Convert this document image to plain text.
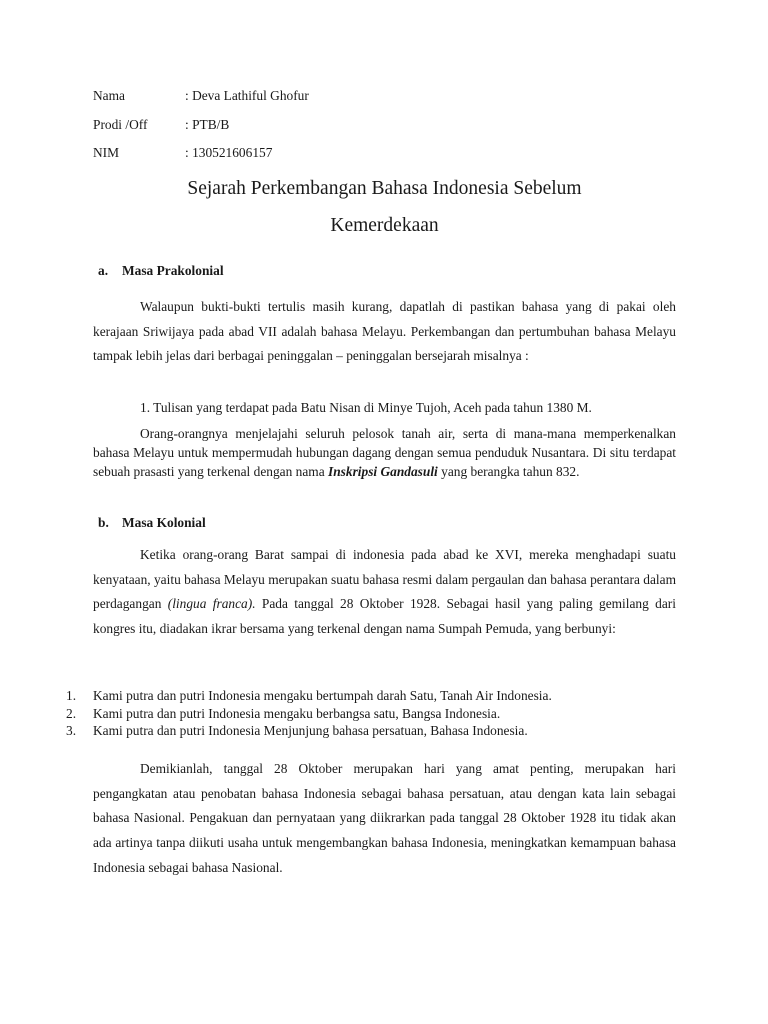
Nama	: Deva Lathiful Ghofur
Prodi /Off	: PTB/B
NIM	: 130521606157
Sejarah Perkembangan Bahasa Indonesia Sebelum
Kemerdekaan
a. Masa Prakolonial

Walaupun bukti-bukti tertulis masih kurang, dapatlah di pastikan bahasa yang di pakai oleh kerajaan Sriwijaya pada abad VII adalah bahasa Melayu. Perkembangan dan pertumbuhan bahasa Melayu tampak lebih jelas dari berbagai peninggalan – peninggalan bersejarah misalnya :

1. Tulisan yang terdapat pada Batu Nisan di Minye Tujoh, Aceh pada tahun 1380 M.

Orang-orangnya menjelajahi seluruh pelosok tanah air, serta di mana-mana memperkenalkan bahasa Melayu untuk mempermudah hubungan dagang dengan semua penduduk Nusantara. Di situ terdapat sebuah prasasti yang terkenal dengan nama Inskripsi Gandasuli yang berangka tahun 832.

b. Masa Kolonial

Ketika orang-orang Barat sampai di indonesia pada abad ke XVI, mereka menghadapi suatu kenyataan, yaitu bahasa Melayu merupakan suatu bahasa resmi dalam pergaulan dan bahasa perantara dalam perdagangan (lingua franca). Pada tanggal 28 Oktober 1928. Sebagai hasil yang paling gemilang dari kongres itu, diadakan ikrar bersama yang terkenal dengan nama Sumpah Pemuda, yang berbunyi:

1. Kami putra dan putri Indonesia mengaku bertumpah darah Satu, Tanah Air Indonesia.
2. Kami putra dan putri Indonesia mengaku berbangsa satu, Bangsa Indonesia.
3. Kami putra dan putri Indonesia Menjunjung bahasa persatuan, Bahasa Indonesia.

Demikianlah, tanggal 28 Oktober merupakan hari yang amat penting, merupakan hari pengangkatan atau penobatan bahasa Indonesia sebagai bahasa persatuan, atau dengan kata lain sebagai bahasa Nasional. Pengakuan dan pernyataan yang diikrarkan pada tanggal 28 Oktober 1928 itu tidak akan ada artinya tanpa diikuti usaha untuk mengembangkan bahasa Indonesia, meningkatkan kemampuan bahasa Indonesia sebagai bahasa Nasional.
